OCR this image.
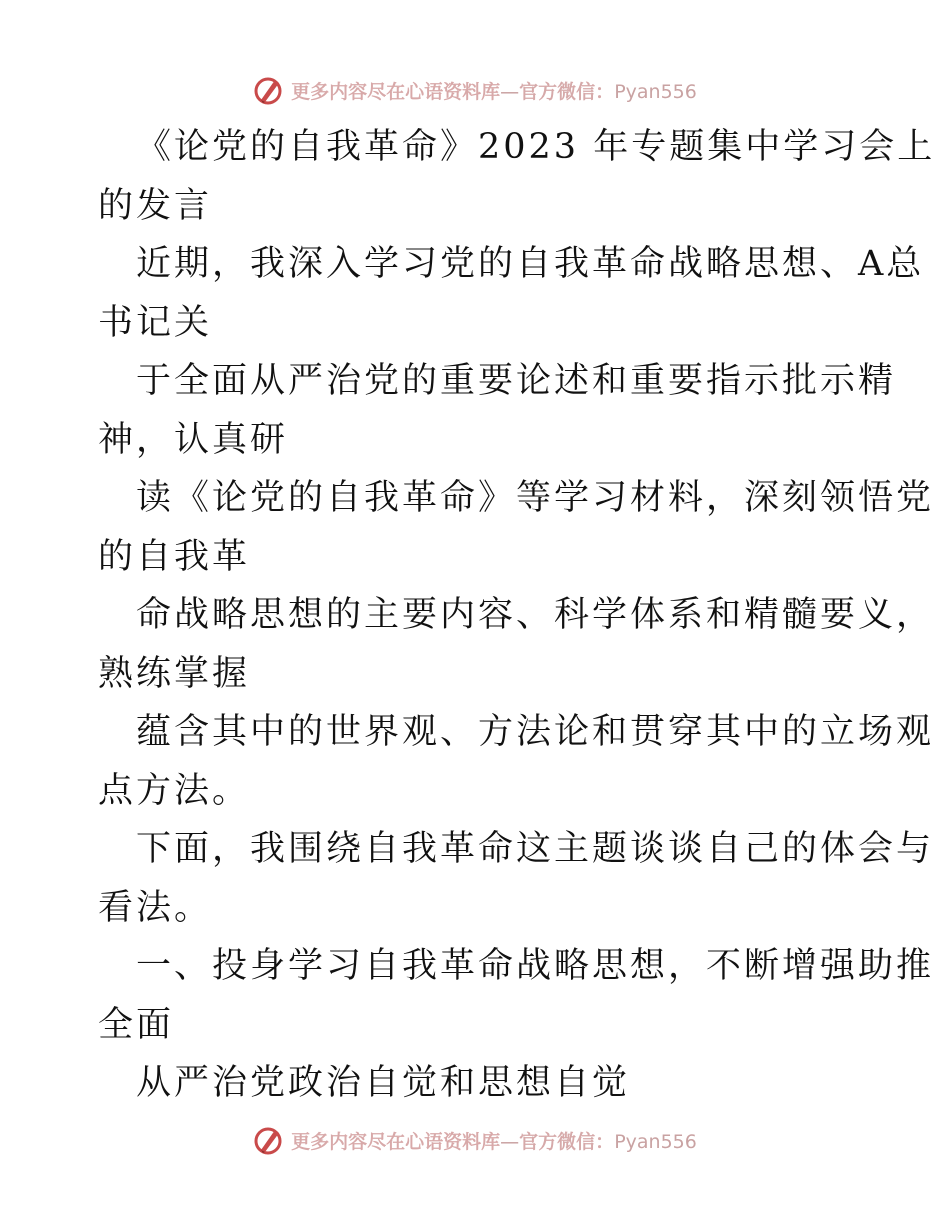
更多内容尽在心语资料库—官方微信：Pyan556
《论党的自我革命》2023 年专题集中学习会上
的发言
近期，我深入学习党的自我革命战略思想、A总
书记关
于全面从严治党的重要论述和重要指示批示精
神，认真研
读《论党的自我革命》等学习材料，深刻领悟党
的自我革
命战略思想的主要内容、科学体系和精髓要义，
熟练掌握
蕴含其中的世界观、方法论和贯穿其中的立场观
点方法。
下面，我围绕自我革命这主题谈谈自己的体会与
看法。
一、投身学习自我革命战略思想，不断增强助推
全面
从严治党政治自觉和思想自觉
更多内容尽在心语资料库—官方微信：Pyan556
